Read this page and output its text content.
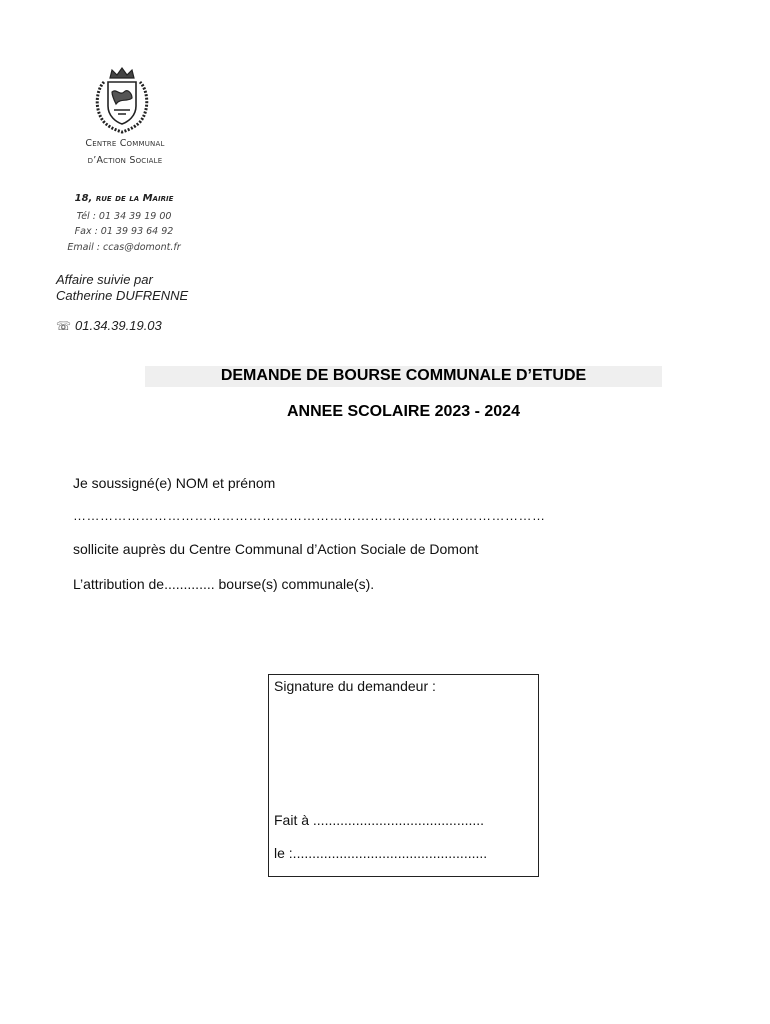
Centre Communal
d’Action Sociale
18, rue de la Mairie
Tél : 01 34 39 19 00
Fax : 01 39 93 64 92
Email : ccas@domont.fr
Affaire suivie par
Catherine DUFRENNE
☏ 01.34.39.19.03
DEMANDE DE BOURSE COMMUNALE D’ETUDE
ANNEE SCOLAIRE 2023 - 2024
Je soussigné(e) NOM et prénom
……………………………………………………………………………………………
sollicite auprès du Centre Communal d’Action Sociale de Domont
L’attribution de............. bourse(s) communale(s).
Signature du demandeur :
Fait à ............................................
le :..................................................
